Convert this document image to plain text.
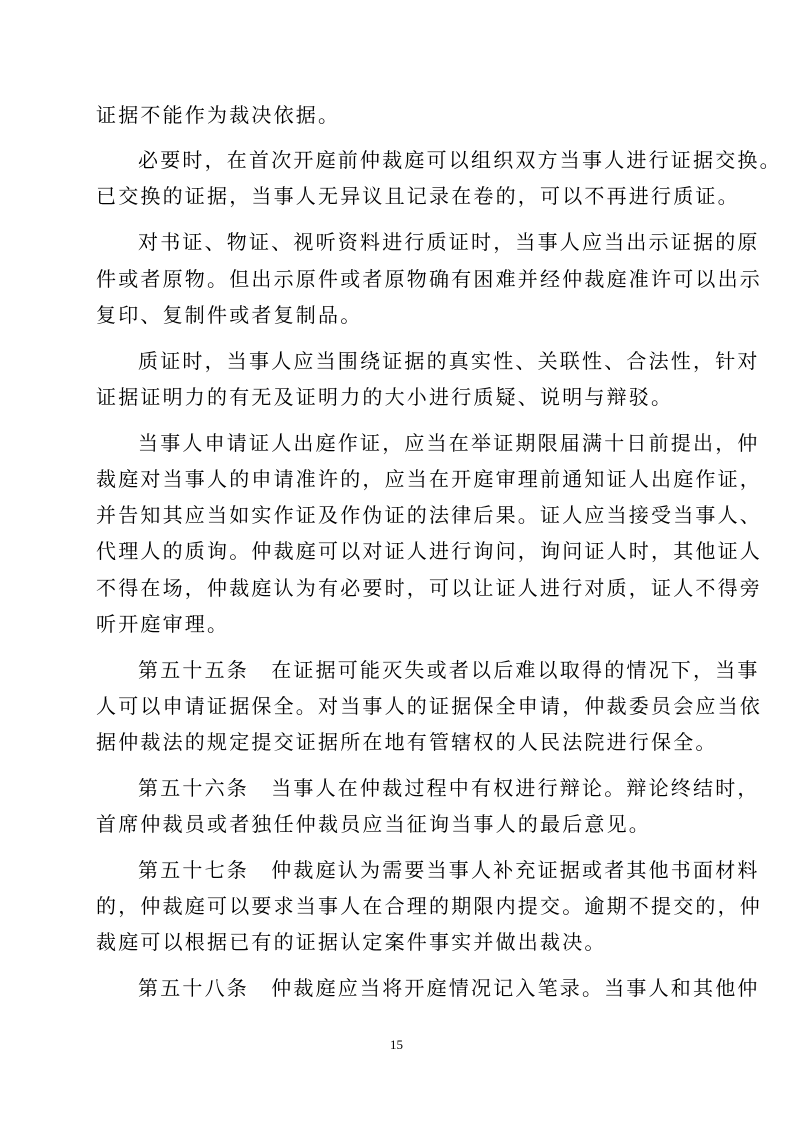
证据不能作为裁决依据。
必要时，在首次开庭前仲裁庭可以组织双方当事人进行证据交换。
已交换的证据，当事人无异议且记录在卷的，可以不再进行质证。
对书证、物证、视听资料进行质证时，当事人应当出示证据的原
件或者原物。但出示原件或者原物确有困难并经仲裁庭准许可以出示
复印、复制件或者复制品。
质证时，当事人应当围绕证据的真实性、关联性、合法性，针对
证据证明力的有无及证明力的大小进行质疑、说明与辩驳。
当事人申请证人出庭作证，应当在举证期限届满十日前提出，仲
裁庭对当事人的申请准许的，应当在开庭审理前通知证人出庭作证，
并告知其应当如实作证及作伪证的法律后果。证人应当接受当事人、
代理人的质询。仲裁庭可以对证人进行询问，询问证人时，其他证人
不得在场，仲裁庭认为有必要时，可以让证人进行对质，证人不得旁
听开庭审理。
第五十五条　在证据可能灭失或者以后难以取得的情况下，当事
人可以申请证据保全。对当事人的证据保全申请，仲裁委员会应当依
据仲裁法的规定提交证据所在地有管辖权的人民法院进行保全。
第五十六条　当事人在仲裁过程中有权进行辩论。辩论终结时，
首席仲裁员或者独任仲裁员应当征询当事人的最后意见。
第五十七条　仲裁庭认为需要当事人补充证据或者其他书面材料
的，仲裁庭可以要求当事人在合理的期限内提交。逾期不提交的，仲
裁庭可以根据已有的证据认定案件事实并做出裁决。
第五十八条　仲裁庭应当将开庭情况记入笔录。当事人和其他仲
15
